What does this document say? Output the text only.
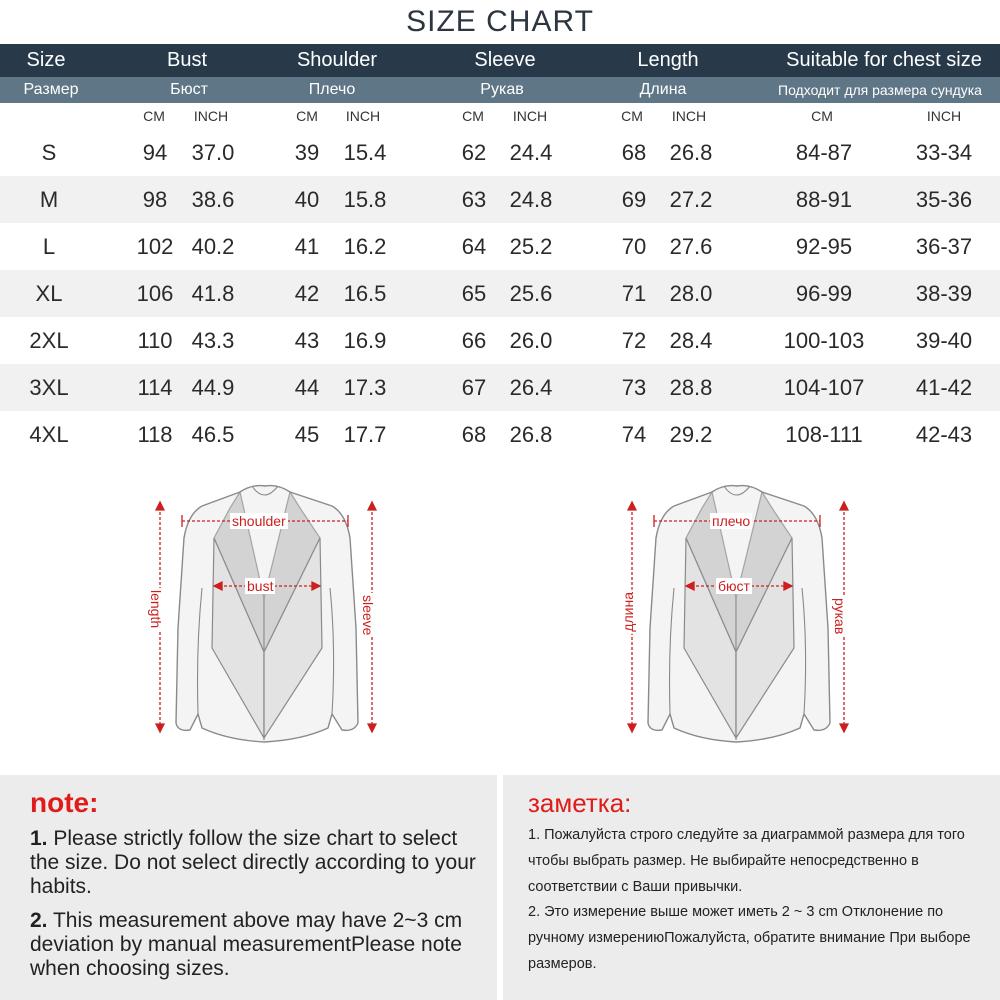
SIZE CHART
Size	Bust	Shoulder	Sleeve	Length	Suitable for chest size
Размер	Бюст	Плечо	Рукав	Длина	Подходит для размера сундука
CM INCH	CM INCH	CM INCH	CM INCH	CM	INCH
S	94 37.0	39 15.4	62 24.4	68 26.8	84-87	33-34
M	98 38.6	40 15.8	63 24.8	69 27.2	88-91	35-36
L	102 40.2	41 16.2	64 25.2	70 27.6	92-95	36-37
XL	106 41.8	42 16.5	65 25.6	71 28.0	96-99	38-39
2XL	110 43.3	43 16.9	66 26.0	72 28.4	100-103 39-40
3XL	114 44.9	44 17.3	67 26.4	73 28.8	104-107 41-42
4XL	118 46.5	45 17.7	68 26.8	74 29.2	108-111 42-43
shoulder
bust
length	sleeve
плечо
бюст
длина	рукав
note:
1. Please strictly follow the size chart to select the size. Do not select directly according to your habits.
2. This measurement above may have 2~3 cm deviation by manual measurementPlease note when choosing sizes.
заметка:
1. Пожалуйста строго следуйте за диаграммой размера для того чтобы выбрать размер. Не выбирайте непосредственно в соответствии с Ваши привычки.
2. Это измерение выше может иметь 2 ~ 3 cm Отклонение по ручному измерениюПожалуйста, обратите внимание При выборе размеров.
